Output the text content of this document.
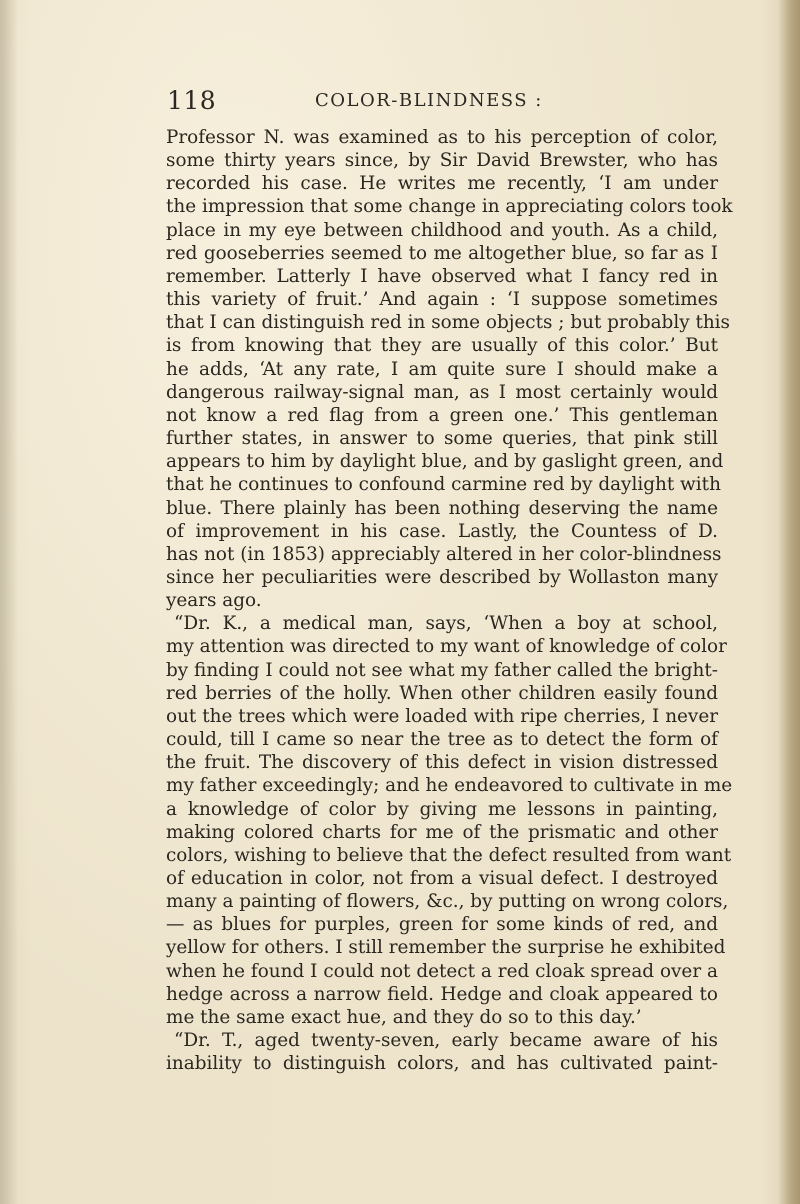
118	COLOR-BLINDNESS :
Professor N. was examined as to his perception of color,
some thirty years since, by Sir David Brewster, who has
recorded his case. He writes me recently, ‘I am under
the impression that some change in appreciating colors took
place in my eye between childhood and youth. As a child,
red gooseberries seemed to me altogether blue, so far as I
remember. Latterly I have observed what I fancy red in
this variety of fruit.’ And again : ‘I suppose sometimes
that I can distinguish red in some objects ; but probably this
is from knowing that they are usually of this color.’ But
he adds, ‘At any rate, I am quite sure I should make a
dangerous railway-signal man, as I most certainly would
not know a red flag from a green one.’ This gentleman
further states, in answer to some queries, that pink still
appears to him by daylight blue, and by gaslight green, and
that he continues to confound carmine red by daylight with
blue. There plainly has been nothing deserving the name
of improvement in his case. Lastly, the Countess of D.
has not (in 1853) appreciably altered in her color-blindness
since her peculiarities were described by Wollaston many
years ago.
“Dr. K., a medical man, says, ‘When a boy at school,
my attention was directed to my want of knowledge of color
by finding I could not see what my father called the bright-
red berries of the holly. When other children easily found
out the trees which were loaded with ripe cherries, I never
could, till I came so near the tree as to detect the form of
the fruit. The discovery of this defect in vision distressed
my father exceedingly; and he endeavored to cultivate in me
a knowledge of color by giving me lessons in painting,
making colored charts for me of the prismatic and other
colors, wishing to believe that the defect resulted from want
of education in color, not from a visual defect. I destroyed
many a painting of flowers, &c., by putting on wrong colors,
— as blues for purples, green for some kinds of red, and
yellow for others. I still remember the surprise he exhibited
when he found I could not detect a red cloak spread over a
hedge across a narrow field. Hedge and cloak appeared to
me the same exact hue, and they do so to this day.’
“Dr. T., aged twenty-seven, early became aware of his
inability to distinguish colors, and has cultivated paint-
